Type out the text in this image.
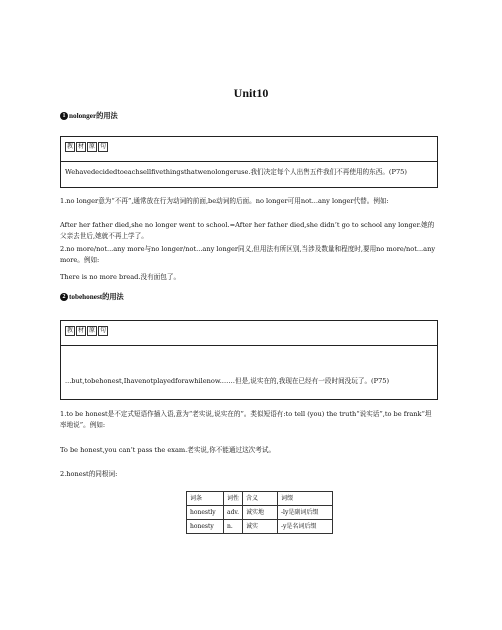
Unit10
1 nolonger的用法
教 材 原 句
Wehavedecidedtoeachsellfivethingsthatwenolongeruse.我们决定每个人出售五件我们不再使用的东西。(P75)
1.no longer意为“不再”,通常放在行为动词的前面,be动词的后面。no longer可用not...any longer代替。例如:
After her father died,she no longer went to school.=After her father died,she didn’t go to school any longer.她的父亲去世后,她就不再上学了。
2.no more/not...any more与no longer/not...any longer同义,但用法有所区别,当涉及数量和程度时,要用no more/not...any more。例如:
There is no more bread.没有面包了。
2 tobehonest的用法
教 材 原 句
...but,tobehonest,Ihavenotplayedforawhilenow.……但是,说实在的,我现在已经有一段时间没玩了。(P75)
1.to be honest是不定式短语作插入语,意为“老实说,说实在的”。类似短语有:to tell (you) the truth“说实话”,to be frank“坦率地说”。例如:
To be honest,you can’t pass the exam.老实说,你不能通过这次考试。
2.honest的同根词:
词条	词性	含义	词缀
honestly	adv.	诚实地	-ly是副词后缀
honesty	n.	诚实	-y是名词后缀
